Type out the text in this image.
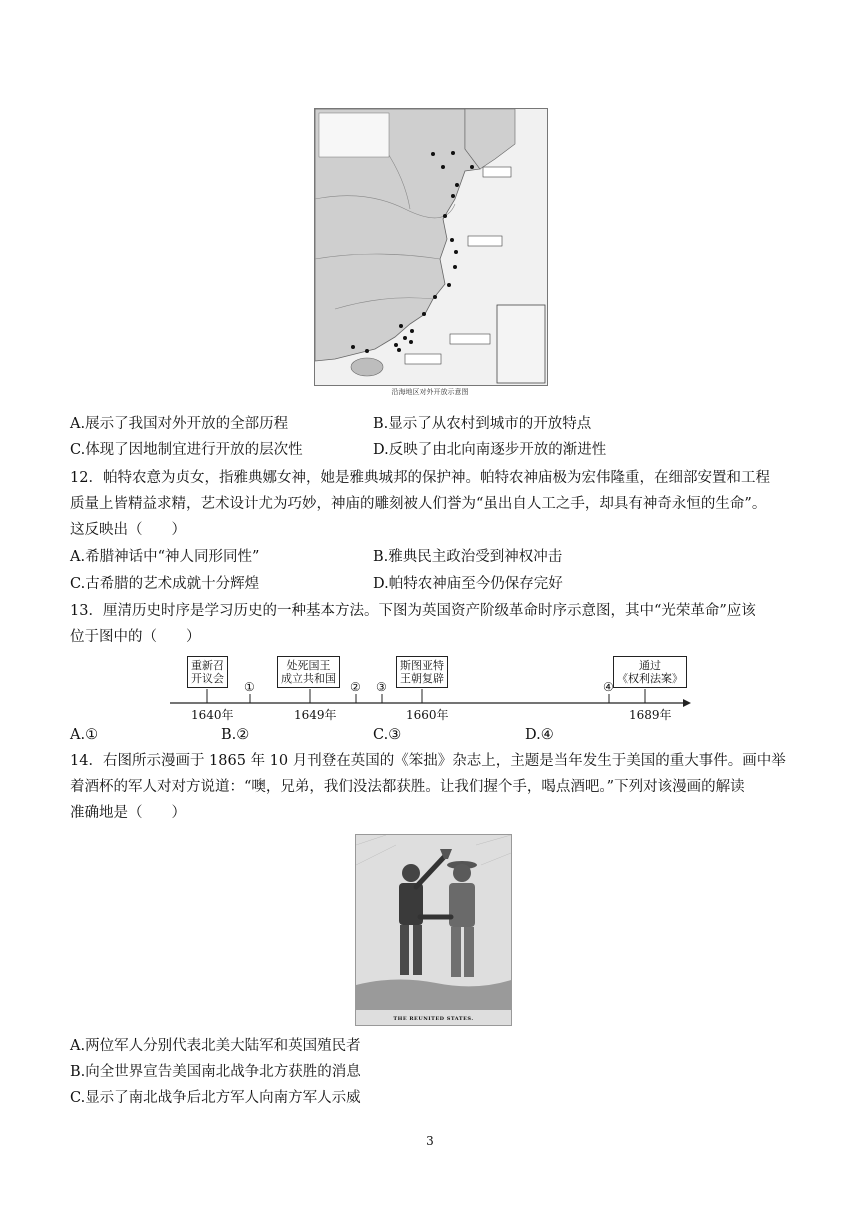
沿海地区对外开放示意图
A.展示了我国对外开放的全部历程	B.显示了从农村到城市的开放特点
C.体现了因地制宜进行开放的层次性	D.反映了由北向南逐步开放的渐进性
12．帕特农意为贞女，指雅典娜女神，她是雅典城邦的保护神。帕特农神庙极为宏伟隆重，在细部安置和工程
质量上皆精益求精，艺术设计尤为巧妙，神庙的雕刻被人们誉为“虽出自人工之手，却具有神奇永恒的生命”。
这反映出（　　）
A.希腊神话中“神人同形同性”	B.雅典民主政治受到神权冲击
C.古希腊的艺术成就十分辉煌	D.帕特农神庙至今仍保存完好
13．厘清历史时序是学习历史的一种基本方法。下图为英国资产阶级革命时序示意图，其中“光荣革命”应该
位于图中的（　　）
重新召
开议会
处死国王
成立共和国
斯图亚特
王朝复辟
通过
《权利法案》
①	② ③	④
1640年	1649年	1660年	1689年
A.①	B.②	C.③	D.④
14．右图所示漫画于 1865 年 10 月刊登在英国的《笨拙》杂志上，主题是当年发生于美国的重大事件。画中举
着酒杯的军人对对方说道：“噢，兄弟，我们没法都获胜。让我们握个手，喝点酒吧。”下列对该漫画的解读
准确地是（　　）
THE REUNITED STATES.
A.两位军人分别代表北美大陆军和英国殖民者
B.向全世界宣告美国南北战争北方获胜的消息
C.显示了南北战争后北方军人向南方军人示威
3
